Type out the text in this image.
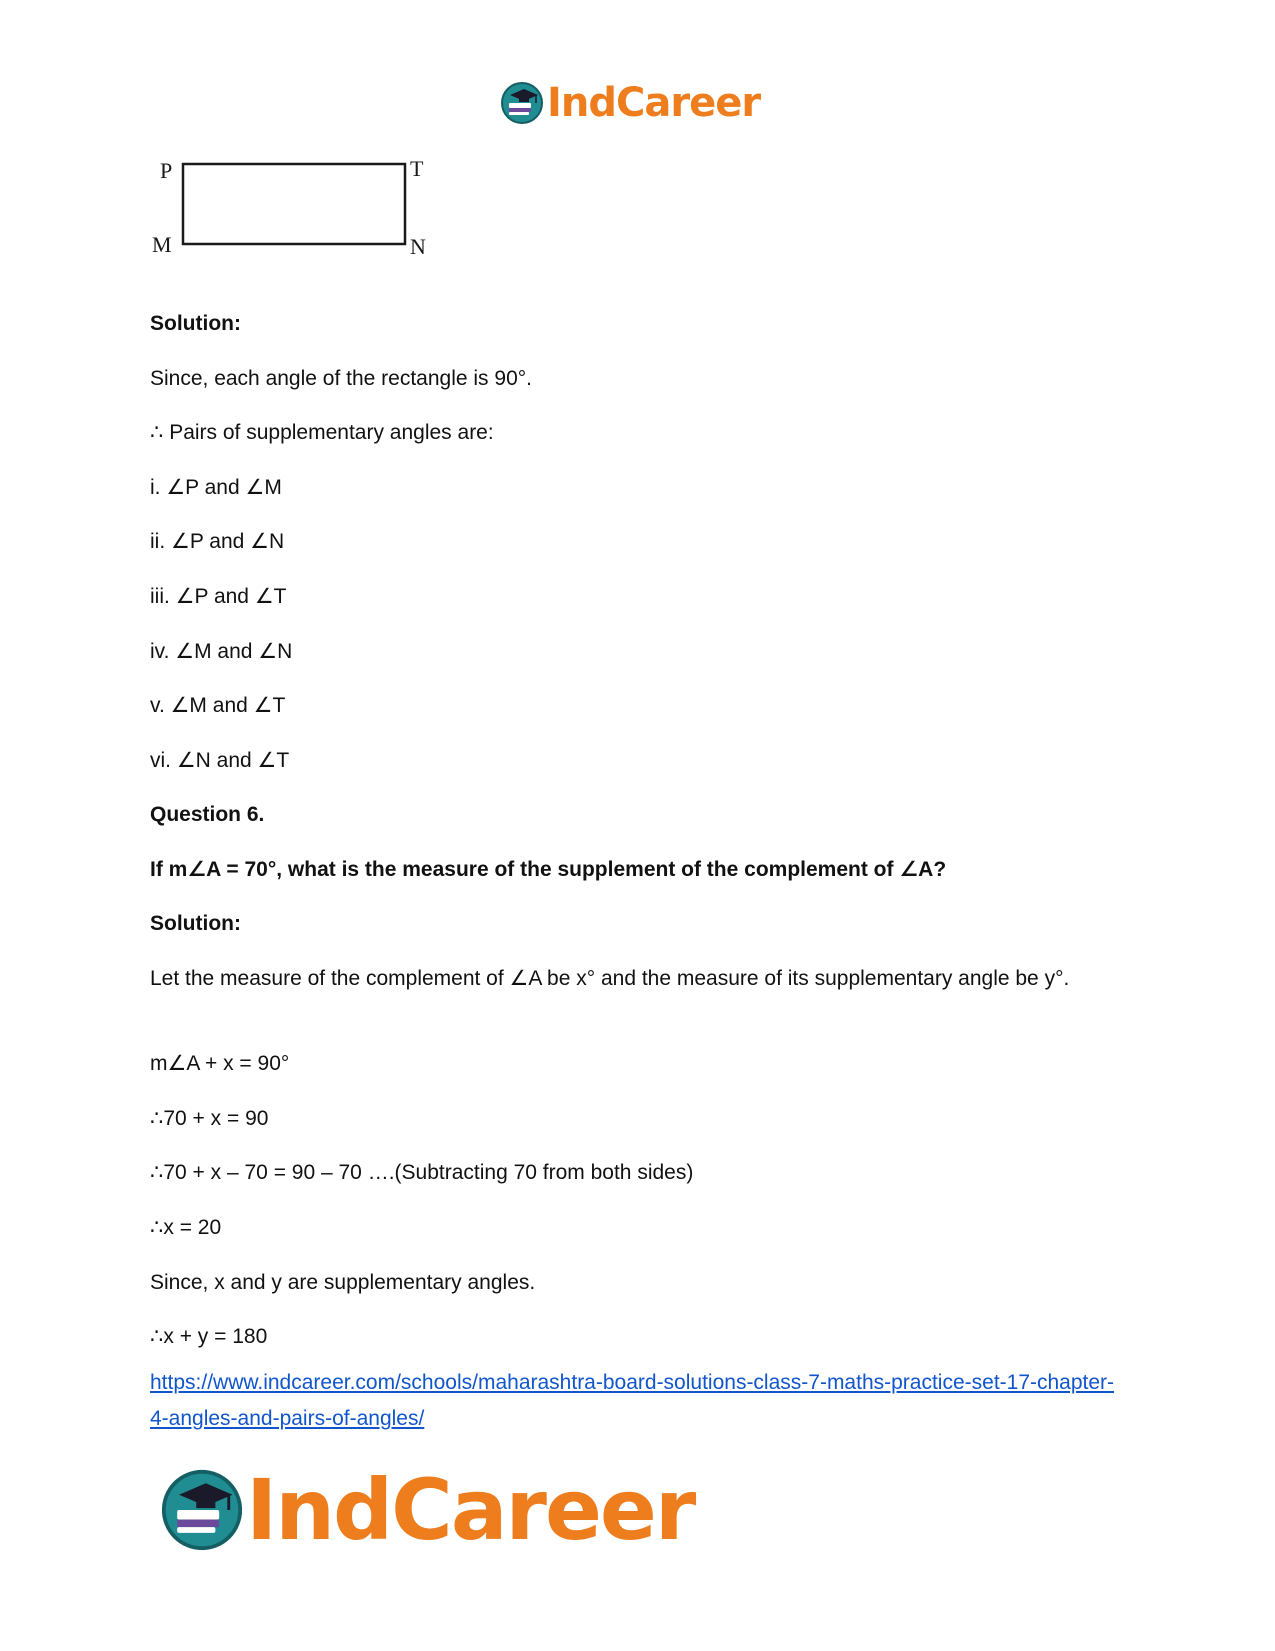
IndCareer
P	T
M	N
Solution:
Since, each angle of the rectangle is 90°.
∴ Pairs of supplementary angles are:
i. ∠P and ∠M
ii. ∠P and ∠N
iii. ∠P and ∠T
iv. ∠M and ∠N
v. ∠M and ∠T
vi. ∠N and ∠T
Question 6.
If m∠A = 70°, what is the measure of the supplement of the complement of ∠A?
Solution:
Let the measure of the complement of ∠A be x° and the measure of its supplementary angle be y°.
m∠A + x = 90°
∴70 + x = 90
∴70 + x – 70 = 90 – 70 ….(Subtracting 70 from both sides)
∴x = 20
Since, x and y are supplementary angles.
∴x + y = 180
https://www.indcareer.com/schools/maharashtra-board-solutions-class-7-maths-practice-set-17-chapter-4-angles-and-pairs-of-angles/
IndCareer
